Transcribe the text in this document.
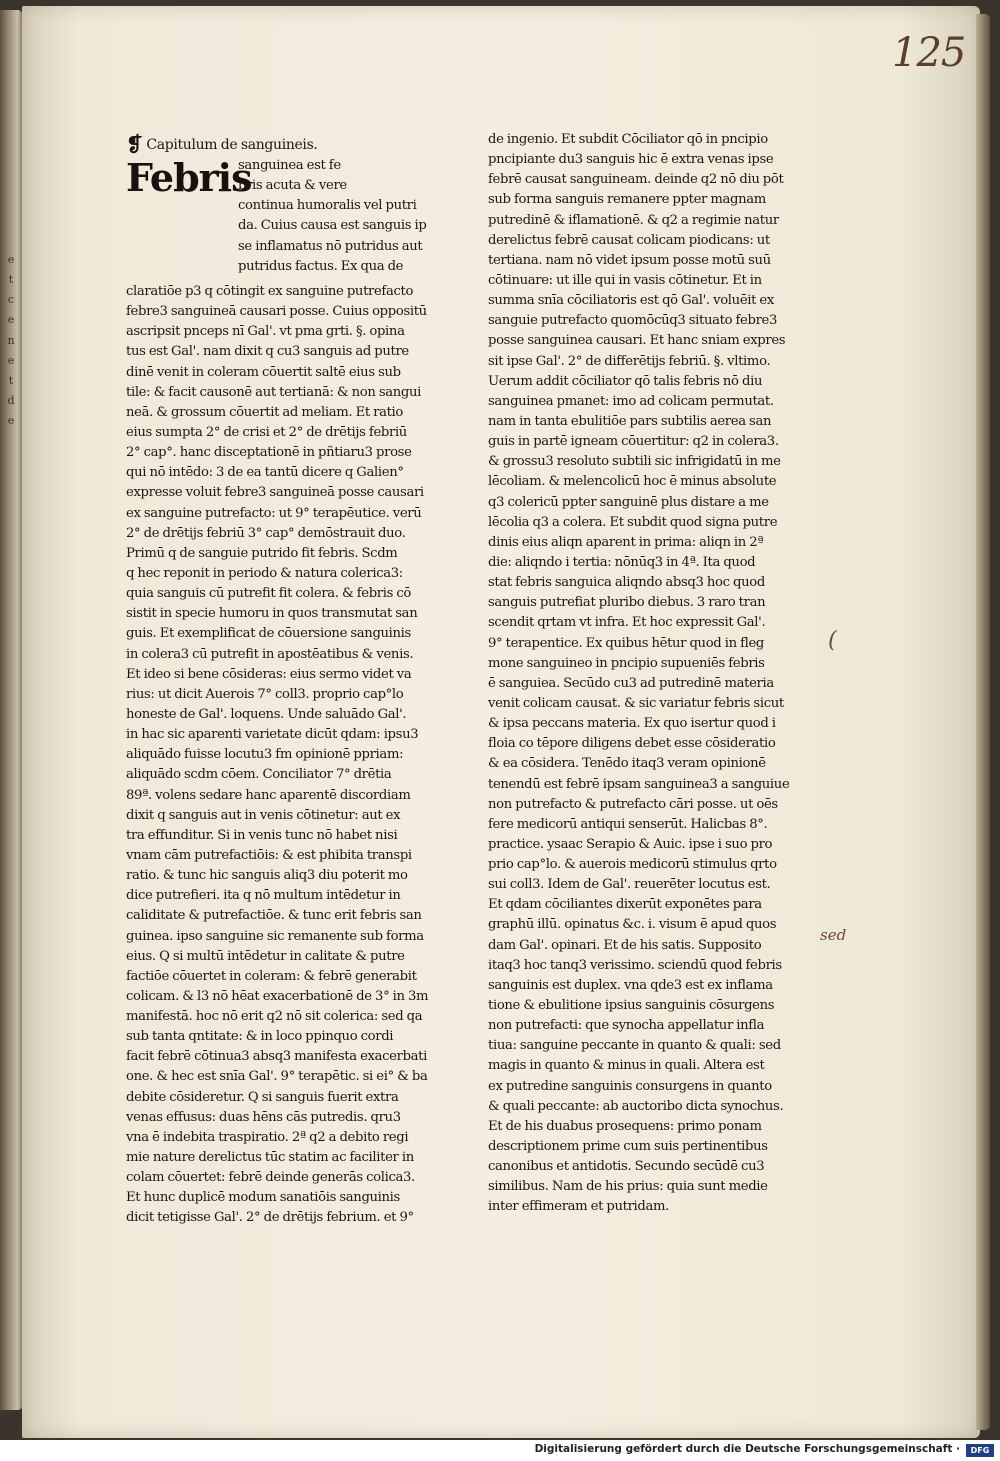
e
t
c
e
n
e
t
d
e
125
❡ Capitulum de sanguineis.
Febris
sanguinea est fe
bris acuta & vere
continua humoralis vel putri
da. Cuius causa est sanguis ip
se inflamatus nō putridus aut
putridus factus. Ex qua de
claratiōe p3 q cōtingit ex sanguine putrefacto
febre3 sanguineā causari posse. Cuius oppositū
ascripsit pnceps nī Gal'. vt pma grti. §. opina
tus est Gal'. nam dixit q cu3 sanguis ad putre
dinē venit in coleram cōuertit saltē eius sub
tile: & facit causonē aut tertianā: & non sangui
neā. & grossum cōuertit ad meliam. Et ratio
eius sumpta 2° de crisi et 2° de drētijs febriū
2° cap°. hanc disceptationē in pñtiaru3 prose
qui nō intēdo: 3 de ea tantū dicere q Galien°
expresse voluit febre3 sanguineā posse causari
ex sanguine putrefacto: ut 9° terapēutice. verū
2° de drētijs febriū 3° cap° demōstrauit duo.
Primū q de sanguie putrido fit febris. Scdm
q hec reponit in periodo & natura colerica3:
quia sanguis cū putrefit fit colera. & febris cō
sistit in specie humoru in quos transmutat san
guis. Et exemplificat de cōuersione sanguinis
in colera3 cū putrefit in apostēatibus & venis.
Et ideo si bene cōsideras: eius sermo videt va
rius: ut dicit Auerois 7° coll3. proprio cap°lo
honeste de Gal'. loquens. Unde saluādo Gal'.
in hac sic aparenti varietate dicūt qdam: ipsu3
aliquādo fuisse locutu3 fm opinionē ppriam:
aliquādo scdm cōem. Conciliator 7° drētia
89ª. volens sedare hanc aparentē discordiam
dixit q sanguis aut in venis cōtinetur: aut ex
tra effunditur. Si in venis tunc nō habet nisi
vnam cām putrefactiōis: & est phibita transpi
ratio. & tunc hic sanguis aliq3 diu poterit mo
dice putrefieri. ita q nō multum intēdetur in
caliditate & putrefactiōe. & tunc erit febris san
guinea. ipso sanguine sic remanente sub forma
eius. Q si multū intēdetur in calitate & putre
factiōe cōuertet in coleram: & febrē generabit
colicam. & l3 nō hēat exacerbationē de 3° in 3m
manifestā. hoc nō erit q2 nō sit colerica: sed qa
sub tanta qntitate: & in loco ppinquo cordi
facit febrē cōtinua3 absq3 manifesta exacerbati
one. & hec est snīa Gal'. 9° terapētic. si ei° & ba
debite cōsideretur. Q si sanguis fuerit extra
venas effusus: duas hēns cās putredis. qru3
vna ē indebita traspiratio. 2ª q2 a debito regi
mie nature derelictus tūc statim ac faciliter in
colam cōuertet: febrē deinde generās colica3.
Et hunc duplicē modum sanatiōis sanguinis
dicit tetigisse Gal'. 2° de drētijs febrium. et 9°
de ingenio. Et subdit Cōciliator qō in pncipio
pncipiante du3 sanguis hic ē extra venas ipse
febrē causat sanguineam. deinde q2 nō diu pōt
sub forma sanguis remanere ppter magnam
putredinē & iflamationē. & q2 a regimie natur
derelictus febrē causat colicam piodicans: ut
tertiana. nam nō videt ipsum posse motū suū
cōtinuare: ut ille qui in vasis cōtinetur. Et in
summa snīa cōciliatoris est qō Gal'. voluēit ex
sanguie putrefacto quomōcūq3 situato febre3
posse sanguinea causari. Et hanc sniam expres
sit ipse Gal'. 2° de differētijs febriū. §. vltimo.
Uerum addit cōciliator qō talis febris nō diu
sanguinea pmanet: imo ad colicam permutat.
nam in tanta ebulitiōe pars subtilis aerea san
guis in partē igneam cōuertitur: q2 in colera3.
& grossu3 resoluto subtili sic infrigidatū in me
lēcoliam. & melencolicū hoc ē minus absolute
q3 colericū ppter sanguinē plus distare a me
lēcolia q3 a colera. Et subdit quod signa putre
dinis eius aliqn aparent in prima: aliqn in 2ª
die: aliqndo i tertia: nōnūq3 in 4ª. Ita quod
stat febris sanguica aliqndo absq3 hoc quod
sanguis putrefiat pluribo diebus. 3 raro tran
scendit qrtam vt infra. Et hoc expressit Gal'.
9° terapentice. Ex quibus hētur quod in fleg
mone sanguineo in pncipio supueniēs febris
ē sanguiea. Secūdo cu3 ad putredinē materia
venit colicam causat. & sic variatur febris sicut
& ipsa peccans materia. Ex quo isertur quod i
floia co tēpore diligens debet esse cōsideratio
& ea cōsidera. Tenēdo itaq3 veram opinionē
tenendū est febrē ipsam sanguinea3 a sanguiue
non putrefacto & putrefacto cāri posse. ut oēs
fere medicorū antiqui senserūt. Halicbas 8°.
practice. ysaac Serapio & Auic. ipse i suo pro
prio cap°lo. & auerois medicorū stimulus qrto
sui coll3. Idem de Gal'. reuerēter locutus est.
Et qdam cōciliantes dixerūt exponētes para
graphū illū. opinatus &c. i. visum ē apud quos
dam Gal'. opinari. Et de his satis. Supposito
itaq3 hoc tanq3 verissimo. sciendū quod febris
sanguinis est duplex. vna qde3 est ex inflama
tione & ebulitione ipsius sanguinis cōsurgens
non putrefacti: que synocha appellatur infla
tiua: sanguine peccante in quanto & quali: sed
magis in quanto & minus in quali. Altera est
ex putredine sanguinis consurgens in quanto
& quali peccante: ab auctoribo dicta synochus.
Et de his duabus prosequens: primo ponam
descriptionem prime cum suis pertinentibus
canonibus et antidotis. Secundo secūdē cu3
similibus. Nam de his prius: quia sunt medie
inter effimeram et putridam.
(
sed
Digitalisierung gefördert durch die Deutsche Forschungsgemeinschaft ·	DFG
